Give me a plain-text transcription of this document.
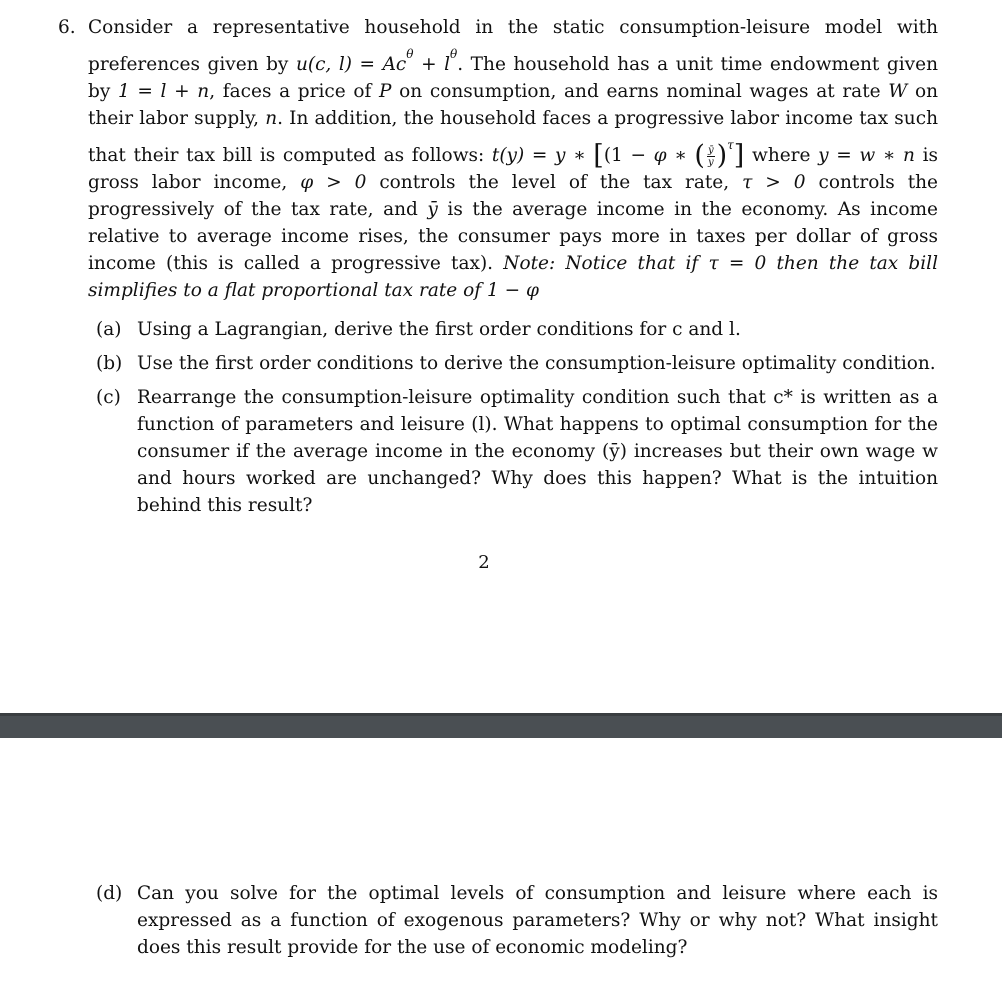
6. Consider a representative household in the static consumption-leisure model with preferences given by u(c, $l) = Ac^\theta + l^\theta$. The household has a unit time endowment given by 1 = l + n, faces a price of P on consumption, and earns nominal wages at rate W on their labor supply, n. In addition, the household faces a progressive labor income tax such that their tax bill is computed as follows: t(y) = y ∗ [(1 − φ ∗ ( $\frac{ȳ}{y} )^\tau$] where y = w ∗ n is gross labor income, φ > 0 controls the level of the tax rate, τ > 0 controls the progressively of the tax rate, and ȳ is the average income in the economy. As income relative to average income rises, the consumer pays more in taxes per dollar of gross income (this is called a progressive tax). Note: Notice that if τ = 0 then the tax bill simplifies to a flat proportional tax rate of 1 − φ
(a) Using a Lagrangian, derive the first order conditions for c and l.
(b) Use the first order conditions to derive the consumption-leisure optimality condition.
(c) Rearrange the consumption-leisure optimality condition such that c* is written as a function of parameters and leisure (l). What happens to optimal consumption for the consumer if the average income in the economy (ȳ) increases but their own wage w and hours worked are unchanged? Why does this happen? What is the intuition behind this result?
2
(d) Can you solve for the optimal levels of consumption and leisure where each is expressed as a function of exogenous parameters? Why or why not? What insight does this result provide for the use of economic modeling?
